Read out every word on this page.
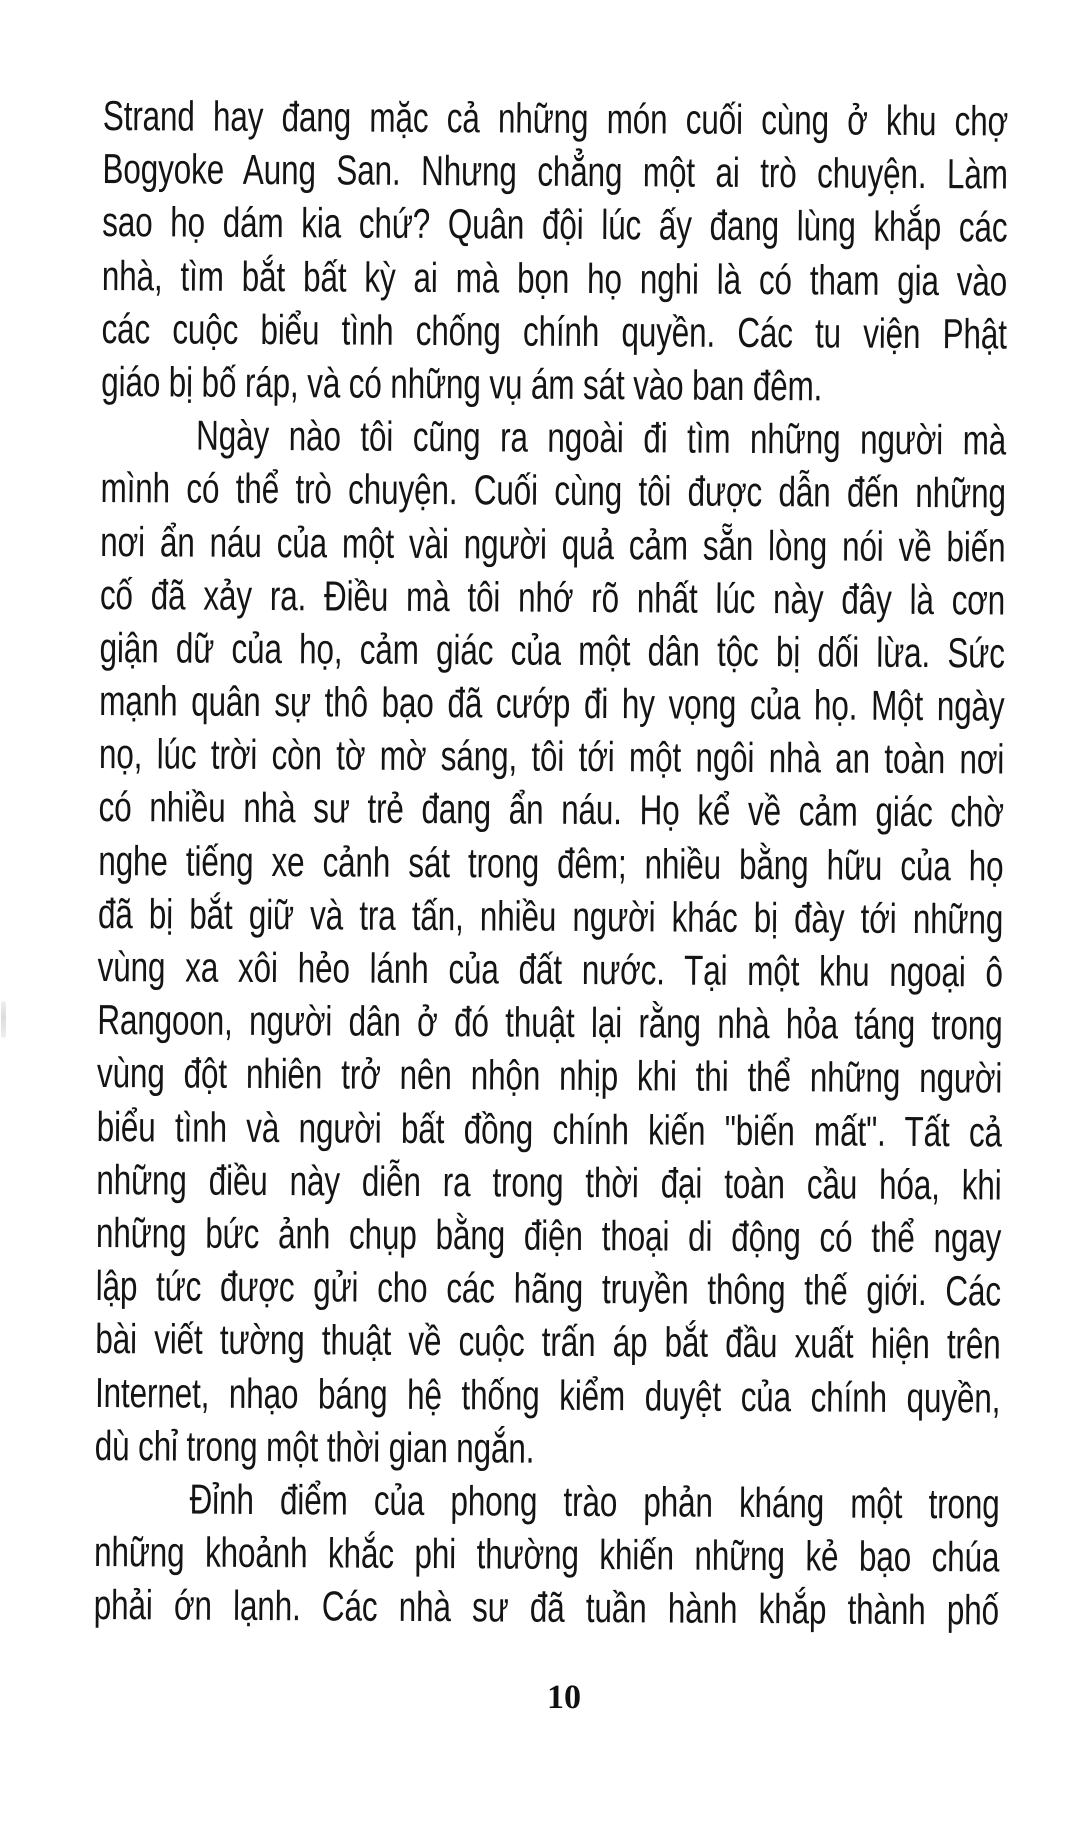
Strand hay đang mặc cả những món cuối cùng ở khu chợ
Bogyoke Aung San. Nhưng chẳng một ai trò chuyện. Làm
sao họ dám kia chứ? Quân đội lúc ấy đang lùng khắp các
nhà, tìm bắt bất kỳ ai mà bọn họ nghi là có tham gia vào
các cuộc biểu tình chống chính quyền. Các tu viện Phật
giáo bị bố ráp, và có những vụ ám sát vào ban đêm.
Ngày nào tôi cũng ra ngoài đi tìm những người mà
mình có thể trò chuyện. Cuối cùng tôi được dẫn đến những
nơi ẩn náu của một vài người quả cảm sẵn lòng nói về biến
cố đã xảy ra. Điều mà tôi nhớ rõ nhất lúc này đây là cơn
giận dữ của họ, cảm giác của một dân tộc bị dối lừa. Sức
mạnh quân sự thô bạo đã cướp đi hy vọng của họ. Một ngày
nọ, lúc trời còn tờ mờ sáng, tôi tới một ngôi nhà an toàn nơi
có nhiều nhà sư trẻ đang ẩn náu. Họ kể về cảm giác chờ
nghe tiếng xe cảnh sát trong đêm; nhiều bằng hữu của họ
đã bị bắt giữ và tra tấn, nhiều người khác bị đày tới những
vùng xa xôi hẻo lánh của đất nước. Tại một khu ngoại ô
Rangoon, người dân ở đó thuật lại rằng nhà hỏa táng trong
vùng đột nhiên trở nên nhộn nhịp khi thi thể những người
biểu tình và người bất đồng chính kiến "biến mất". Tất cả
những điều này diễn ra trong thời đại toàn cầu hóa, khi
những bức ảnh chụp bằng điện thoại di động có thể ngay
lập tức được gửi cho các hãng truyền thông thế giới. Các
bài viết tường thuật về cuộc trấn áp bắt đầu xuất hiện trên
Internet, nhạo báng hệ thống kiểm duyệt của chính quyền,
dù chỉ trong một thời gian ngắn.
Đỉnh điểm của phong trào phản kháng một trong
những khoảnh khắc phi thường khiến những kẻ bạo chúa
phải ớn lạnh. Các nhà sư đã tuần hành khắp thành phố
10
